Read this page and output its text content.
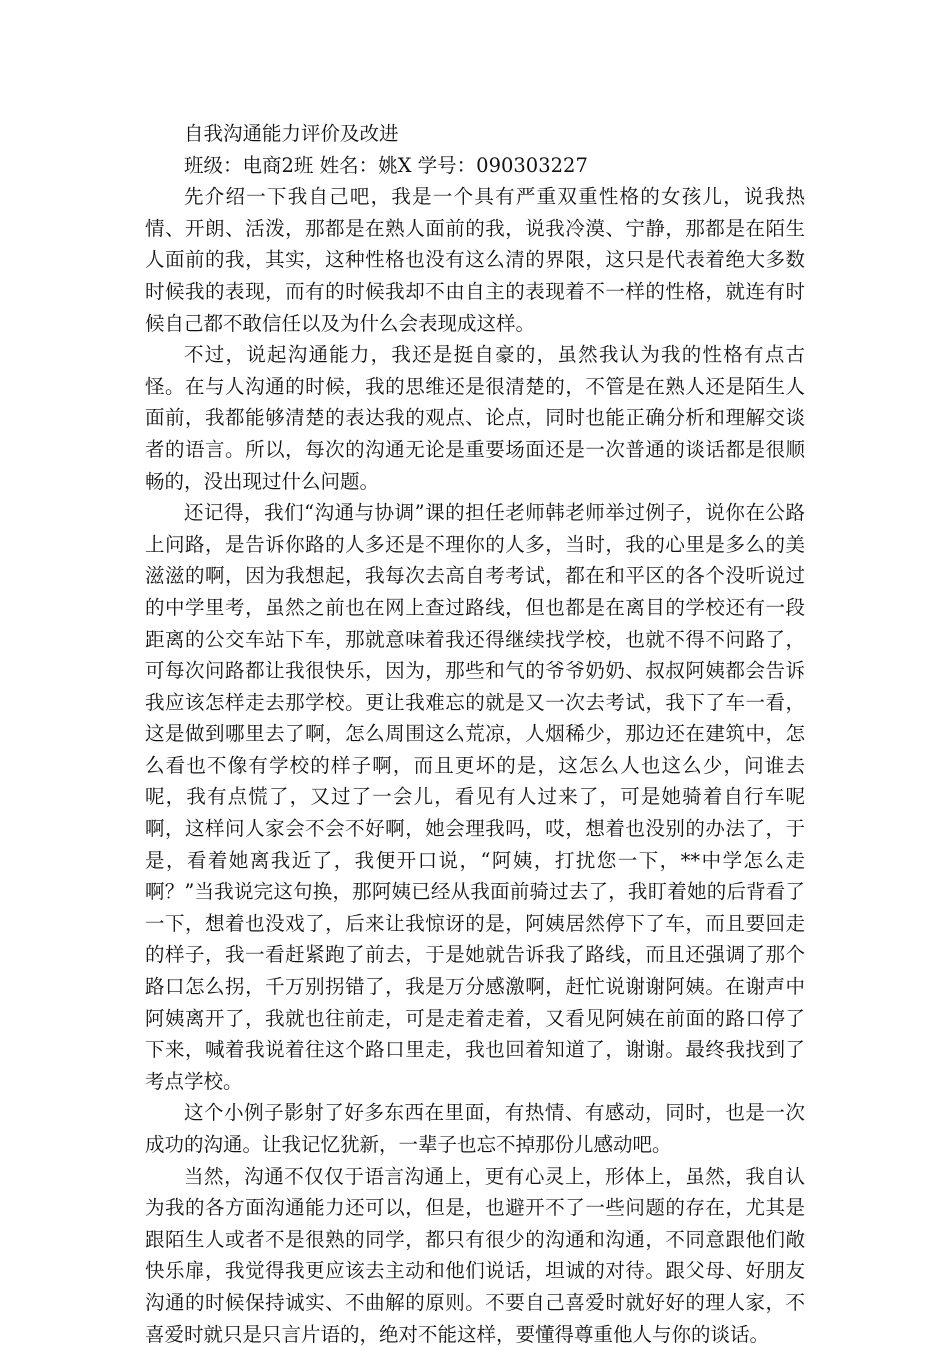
自我沟通能力评价及改进

班级：电商2班 姓名：姚X 学号：090303227

先介绍一下我自己吧，我是一个具有严重双重性格的女孩儿，说我热情、开朗、活泼，那都是在熟人面前的我，说我冷漠、宁静，那都是在陌生人面前的我，其实，这种性格也没有这么清的界限，这只是代表着绝大多数时候我的表现，而有的时候我却不由自主的表现着不一样的性格，就连有时候自己都不敢信任以及为什么会表现成这样。

不过，说起沟通能力，我还是挺自豪的，虽然我认为我的性格有点古怪。在与人沟通的时候，我的思维还是很清楚的，不管是在熟人还是陌生人面前，我都能够清楚的表达我的观点、论点，同时也能正确分析和理解交谈者的语言。所以，每次的沟通无论是重要场面还是一次普通的谈话都是很顺畅的，没出现过什么问题。

还记得，我们“沟通与协调”课的担任老师韩老师举过例子，说你在公路上问路，是告诉你路的人多还是不理你的人多，当时，我的心里是多么的美滋滋的啊，因为我想起，我每次去高自考考试，都在和平区的各个没听说过的中学里考，虽然之前也在网上查过路线，但也都是在离目的学校还有一段距离的公交车站下车，那就意味着我还得继续找学校，也就不得不问路了，可每次问路都让我很快乐，因为，那些和气的爷爷奶奶、叔叔阿姨都会告诉我应该怎样走去那学校。更让我难忘的就是又一次去考试，我下了车一看，这是做到哪里去了啊，怎么周围这么荒凉，人烟稀少，那边还在建筑中，怎么看也不像有学校的样子啊，而且更坏的是，这怎么人也这么少，问谁去呢，我有点慌了，又过了一会儿，看见有人过来了，可是她骑着自行车呢啊，这样问人家会不会不好啊，她会理我吗，哎，想着也没别的办法了，于是，看着她离我近了，我便开口说，“阿姨，打扰您一下，**中学怎么走啊？”当我说完这句换，那阿姨已经从我面前骑过去了，我盯着她的后背看了一下，想着也没戏了，后来让我惊讶的是，阿姨居然停下了车，而且要回走的样子，我一看赶紧跑了前去，于是她就告诉我了路线，而且还强调了那个路口怎么拐，千万别拐错了，我是万分感激啊，赶忙说谢谢阿姨。在谢声中阿姨离开了，我就也往前走，可是走着走着，又看见阿姨在前面的路口停了下来，喊着我说着往这个路口里走，我也回着知道了，谢谢。最终我找到了考点学校。

这个小例子影射了好多东西在里面，有热情、有感动，同时，也是一次成功的沟通。让我记忆犹新，一辈子也忘不掉那份儿感动吧。

当然，沟通不仅仅于语言沟通上，更有心灵上，形体上，虽然，我自认为我的各方面沟通能力还可以，但是，也避开不了一些问题的存在，尤其是跟陌生人或者不是很熟的同学，都只有很少的沟通和沟通，不同意跟他们敞快乐扉，我觉得我更应该去主动和他们说话，坦诚的对待。跟父母、好朋友沟通的时候保持诚实、不曲解的原则。不要自己喜爱时就好好的理人家，不喜爱时就只是只言片语的，绝对不能这样，要懂得尊重他人与你的谈话。
